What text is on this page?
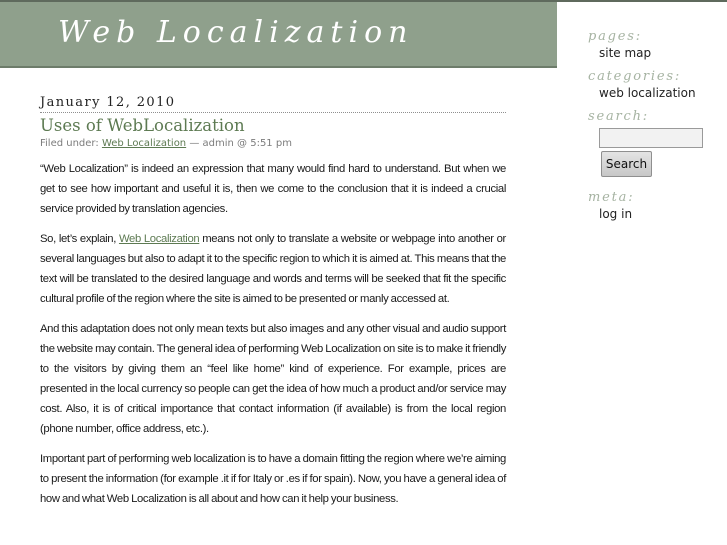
Web Localization
January 12, 2010
Uses of WebLocalization
Filed under: Web Localization — admin @ 5:51 pm

“Web Localization” is indeed an expression that many would find hard to understand. But when we get to see how important and useful it is, then we come to the conclusion that it is indeed a crucial service provided by translation agencies.

So, let’s explain, Web Localization means not only to translate a website or webpage into another or several languages but also to adapt it to the specific region to which it is aimed at. This means that the text will be translated to the desired language and words and terms will be seeked that fit the specific cultural profile of the region where the site is aimed to be presented or manly accessed at.

And this adaptation does not only mean texts but also images and any other visual and audio support the website may contain. The general idea of performing Web Localization on site is to make it friendly to the visitors by giving them an “feel like home” kind of experience. For example, prices are presented in the local currency so people can get the idea of how much a product and/or service may cost. Also, it is of critical importance that contact information (if available) is from the local region (phone number, office address, etc.).

Important part of performing web localization is to have a domain fitting the region where we’re aiming to present the information (for example .it if for Italy or .es if for spain). Now, you have a general idea of how and what Web Localization is all about and how can it help your business.

pages:
site map
categories:
web localization
search:
Search
meta:
log in
